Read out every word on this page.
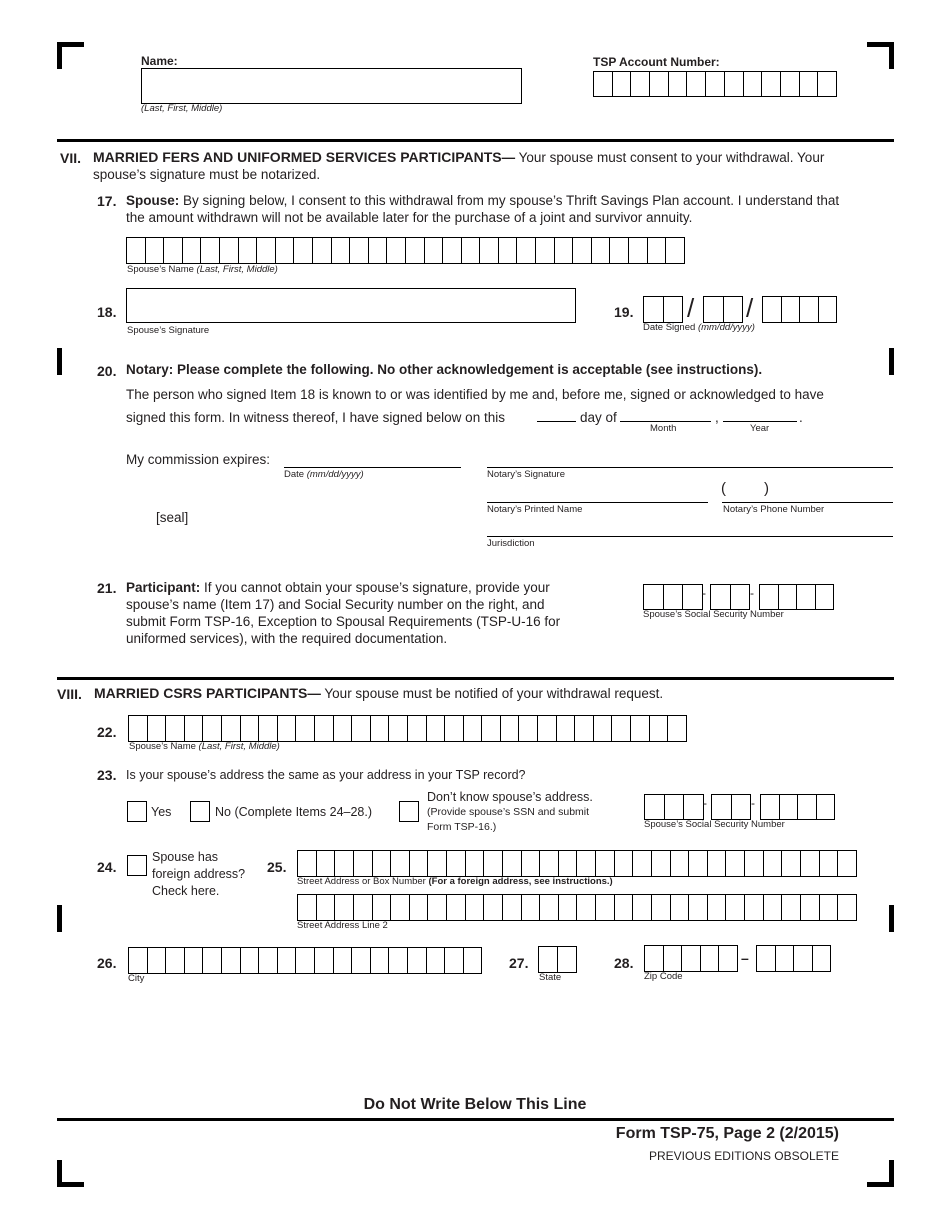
Name:
(Last, First, Middle)
TSP Account Number:
VII. MARRIED FERS AND UNIFORMED SERVICES PARTICIPANTS— Your spouse must consent to your withdrawal. Your
spouse’s signature must be notarized.
17. Spouse: By signing below, I consent to this withdrawal from my spouse’s Thrift Savings Plan account. I understand that
the amount withdrawn will not be available later for the purchase of a joint and survivor annuity.
Spouse’s Name (Last, First, Middle)
18.
Spouse’s Signature
19. / /
Date Signed (mm/dd/yyyy)
20. Notary: Please complete the following. No other acknowledgement is acceptable (see instructions).
The person who signed Item 18 is known to or was identified by me and, before me, signed or acknowledged to have
signed this form. In witness thereof, I have signed below on this	day of
Month
,
Year
.
My commission expires:
Date (mm/dd/yyyy)
[seal]
Notary’s Signature
Notary’s Printed Name
(	)
Notary’s Phone Number
Jurisdiction
21. Participant: If you cannot obtain your spouse’s signature, provide your
spouse’s name (Item 17) and Social Security number on the right, and
submit Form TSP-16, Exception to Spousal Requirements (TSP-U-16 for
uniformed services), with the required documentation.
-	-
Spouse’s Social Security Number
VIII. MARRIED CSRS PARTICIPANTS— Your spouse must be notified of your withdrawal request.
22.
Spouse’s Name (Last, First, Middle)
23. Is your spouse’s address the same as your address in your TSP record?
Yes	No (Complete Items 24–28.)
Don’t know spouse’s address.
(Provide spouse’s SSN and submit
Form TSP-16.)
-	-
Spouse’s Social Security Number
24.
Spouse has
foreign address?
Check here.
25.
Street Address or Box Number (For a foreign address, see instructions.)
Street Address Line 2
26.
City
27.
State
28.	–
Zip Code
Do Not Write Below This Line
Form TSP-75, Page 2 (2/2015)
PREVIOUS EDITIONS OBSOLETE
